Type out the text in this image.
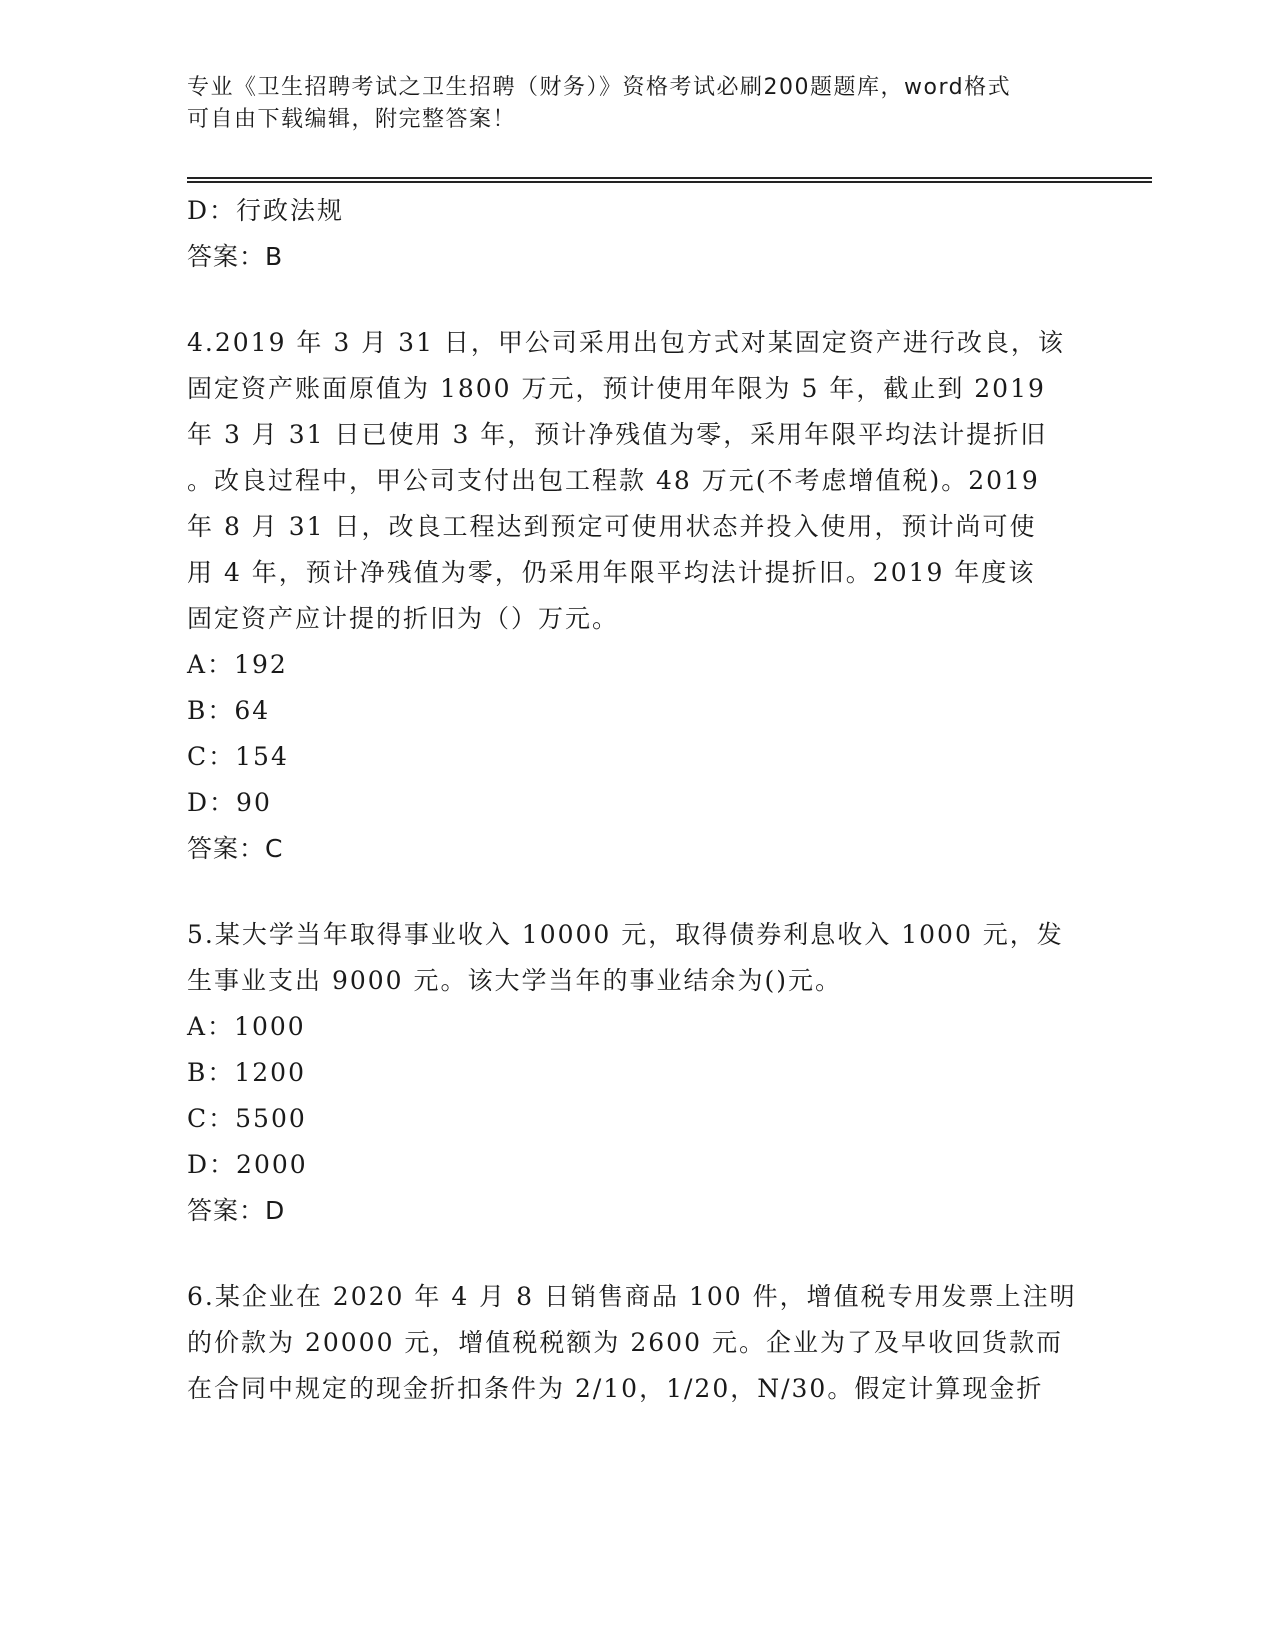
专业《卫生招聘考试之卫生招聘（财务）》资格考试必刷200题题库，word格式
可自由下载编辑，附完整答案！
D：行政法规
答案：B
4.2019 年 3 月 31 日，甲公司采用出包方式对某固定资产进行改良，该
固定资产账面原值为 1800 万元，预计使用年限为 5 年，截止到 2019
年 3 月 31 日已使用 3 年，预计净残值为零，采用年限平均法计提折旧
。改良过程中，甲公司支付出包工程款 48 万元(不考虑增值税)。2019
年 8 月 31 日，改良工程达到预定可使用状态并投入使用，预计尚可使
用 4 年，预计净残值为零，仍采用年限平均法计提折旧。2019 年度该
固定资产应计提的折旧为（）万元。
A：192
B：64
C：154
D：90
答案：C
5.某大学当年取得事业收入 10000 元，取得债券利息收入 1000 元，发
生事业支出 9000 元。该大学当年的事业结余为()元。
A：1000
B：1200
C：5500
D：2000
答案：D
6.某企业在 2020 年 4 月 8 日销售商品 100 件，增值税专用发票上注明
的价款为 20000 元，增值税税额为 2600 元。企业为了及早收回货款而
在合同中规定的现金折扣条件为 2/10，1/20，N/30。假定计算现金折
